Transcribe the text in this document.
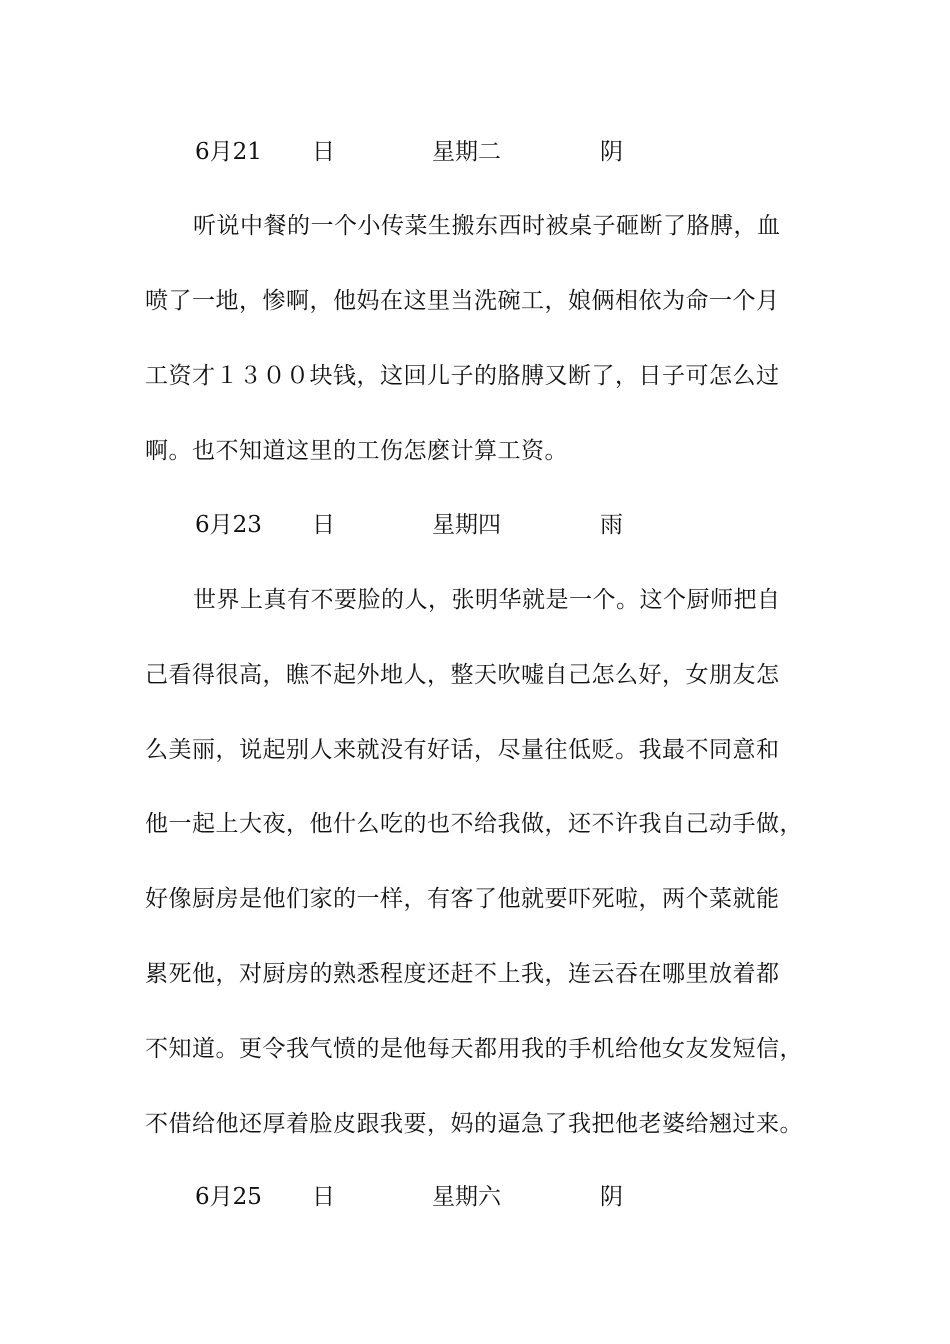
6月21 日	星期二	阴
听说中餐的一个小传菜生搬东西时被桌子砸断了胳膊，血
喷了一地，惨啊，他妈在这里当洗碗工，娘俩相依为命一个月
工资才１３００块钱，这回儿子的胳膊又断了，日子可怎么过
啊。也不知道这里的工伤怎麽计算工资。
6月23 日	星期四	雨
世界上真有不要脸的人，张明华就是一个。这个厨师把自
己看得很高，瞧不起外地人，整天吹嘘自己怎么好，女朋友怎
么美丽，说起别人来就没有好话，尽量往低贬。我最不同意和
他一起上大夜，他什么吃的也不给我做，还不许我自己动手做，
好像厨房是他们家的一样，有客了他就要吓死啦，两个菜就能
累死他，对厨房的熟悉程度还赶不上我，连云吞在哪里放着都
不知道。更令我气愤的是他每天都用我的手机给他女友发短信，
不借给他还厚着脸皮跟我要，妈的逼急了我把他老婆给翘过来。
6月25 日	星期六	阴
